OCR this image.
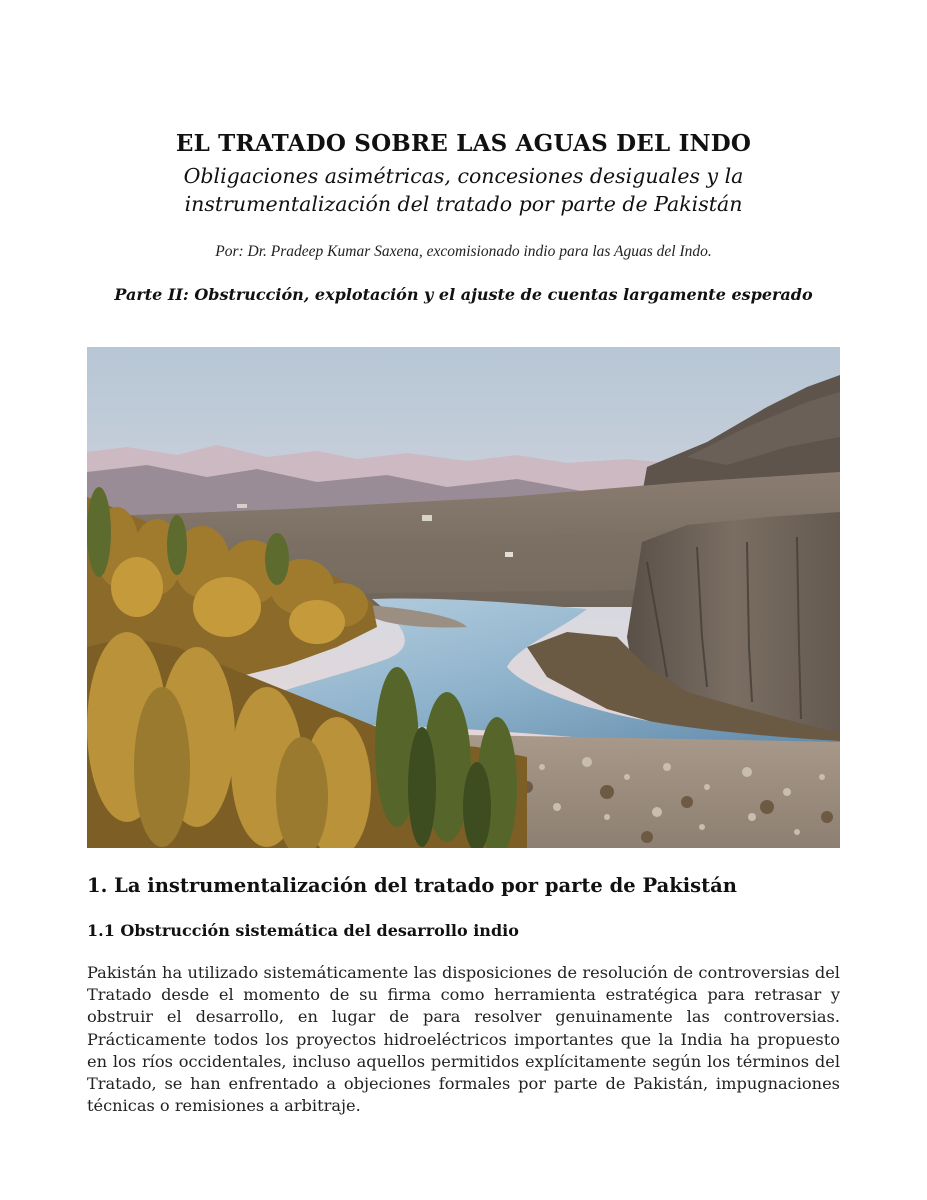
EL TRATADO SOBRE LAS AGUAS DEL INDO
Obligaciones asimétricas, concesiones desiguales y la
instrumentalización del tratado por parte de Pakistán
Por: Dr. Pradeep Kumar Saxena, excomisionado indio para las Aguas del Indo.
Parte II: Obstrucción, explotación y el ajuste de cuentas largamente esperado
1. La instrumentalización del tratado por parte de Pakistán
1.1 Obstrucción sistemática del desarrollo indio
Pakistán ha utilizado sistemáticamente las disposiciones de resolución de controversias del Tratado desde el momento de su firma como herramienta estratégica para retrasar y obstruir el desarrollo, en lugar de para resolver genuinamente las controversias. Prácticamente todos los proyectos hidroeléctricos importantes que la India ha propuesto en los ríos occidentales, incluso aquellos permitidos explícitamente según los términos del Tratado, se han enfrentado a objeciones formales por parte de Pakistán, impugnaciones técnicas o remisiones a arbitraje.
